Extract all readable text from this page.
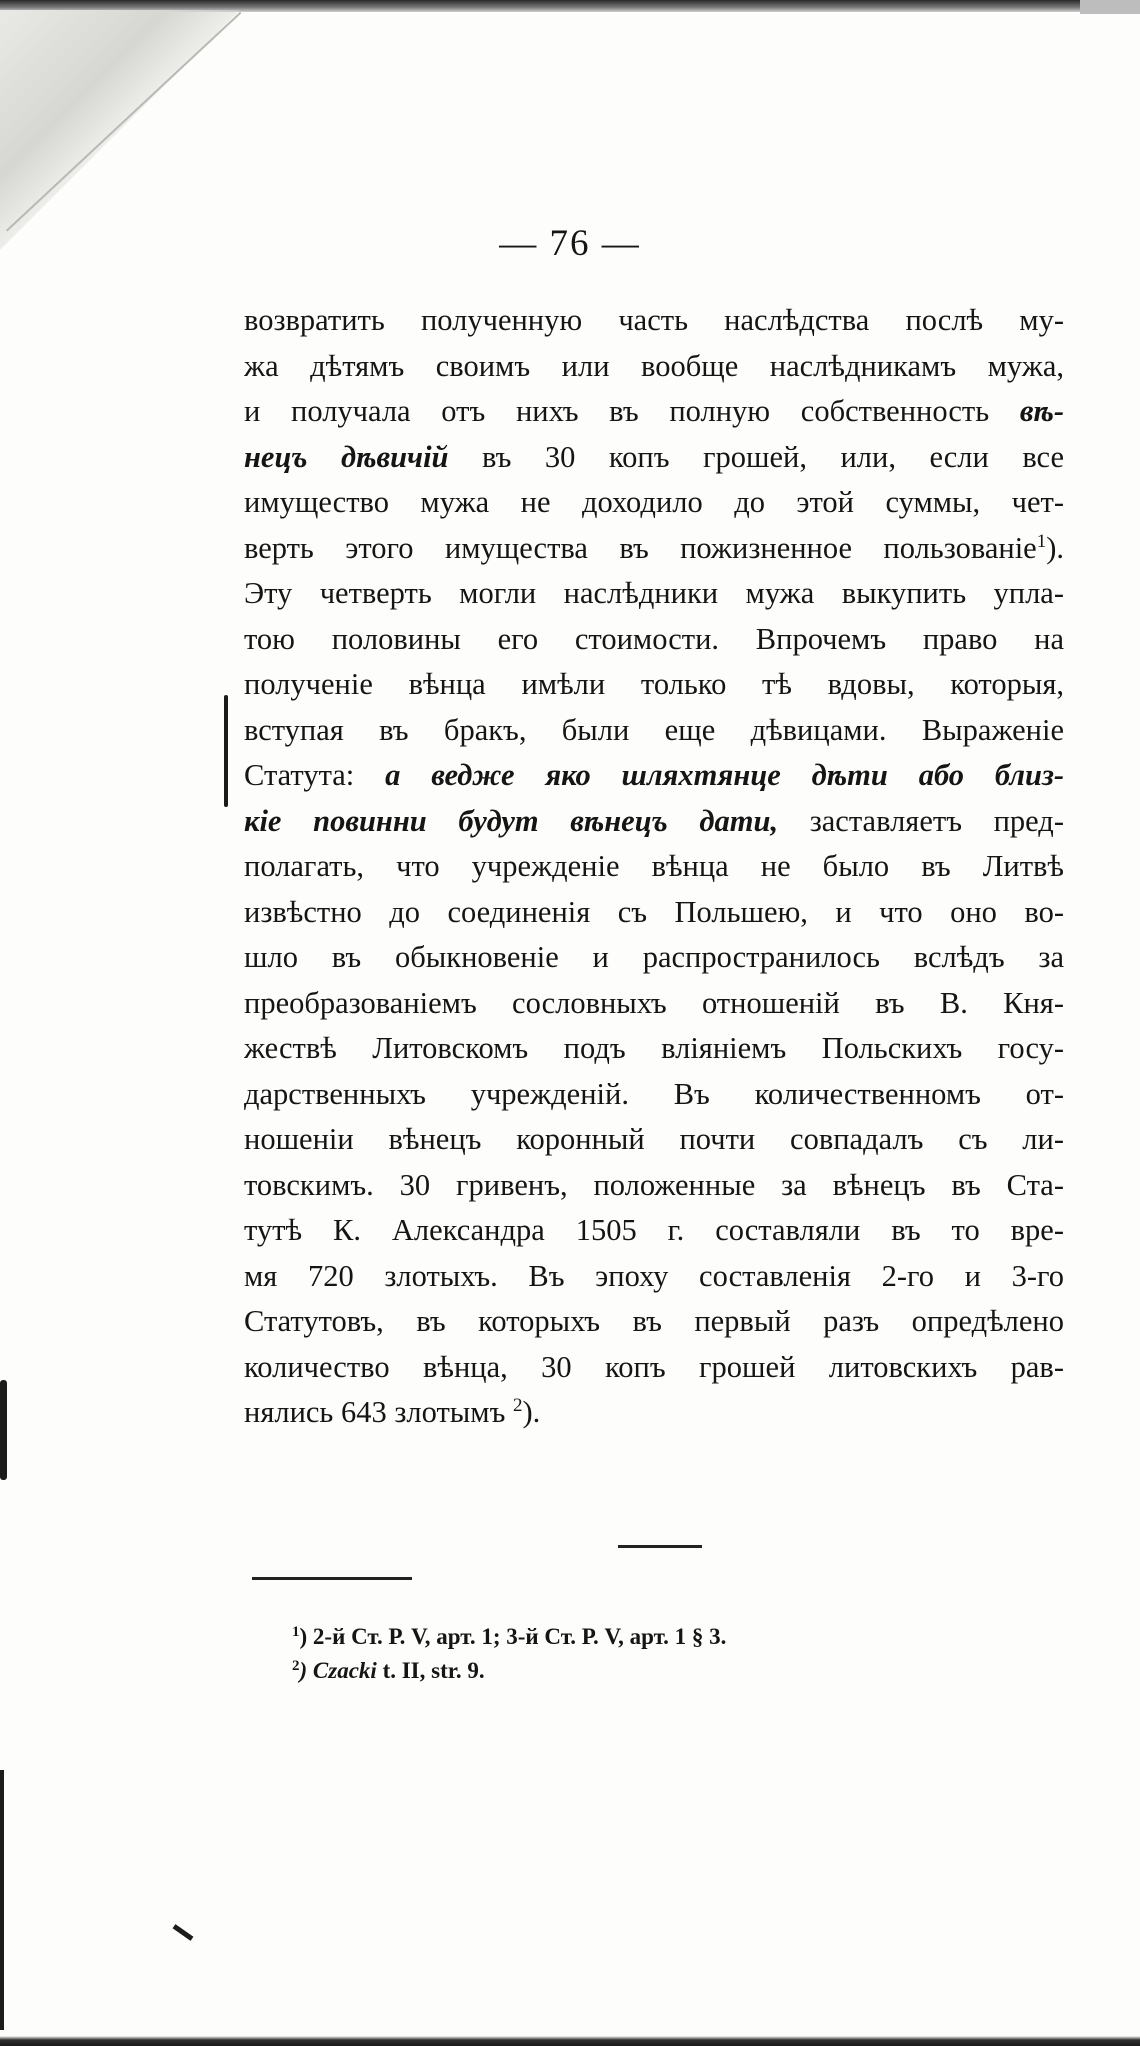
— 76 —
возвратить полученную часть наслѣдства послѣ му-
жа дѣтямъ своимъ или вообще наслѣдникамъ мужа,
и получала отъ нихъ въ полную собственность вѣ-
нецъ дѣвичій въ 30 копъ грошей, или, если все
имущество мужа не доходило до этой суммы, чет-
верть этого имущества въ пожизненное пользованіе$^1$).
Эту четверть могли наслѣдники мужа выкупить упла-
тою половины его стоимости. Впрочемъ право на
полученіе вѣнца имѣли только тѣ вдовы, которыя,
вступая въ бракъ, были еще дѣвицами. Выраженіе
Статута: а ведже яко шляхтянце дѣти або близ-
кіе повинни будут вѣнецъ дати, заставляетъ пред-
полагать, что учрежденіе вѣнца не было въ Литвѣ
извѣстно до соединенія съ Польшею, и что оно во-
шло въ обыкновеніе и распространилось вслѣдъ за
преобразованіемъ сословныхъ отношеній въ В. Кня-
жествѣ Литовскомъ подъ вліяніемъ Польскихъ госу-
дарственныхъ учрежденій. Въ количественномъ от-
ношеніи вѣнецъ коронный почти совпадалъ съ ли-
товскимъ. 30 гривенъ, положенные за вѣнецъ въ Ста-
тутѣ К. Александра 1505 г. составляли въ то вре-
мя 720 злотыхъ. Въ эпоху составленія 2-го и 3-го
Статутовъ, въ которыхъ въ первый разъ опредѣлено
количество вѣнца, 30 копъ грошей литовскихъ рав-
нялись 643 злотымъ $^2$).
$^1$) 2-й Ст. Р. V, арт. 1; 3-й Ст. Р. V, арт. 1 § 3.
$^2$) Czacki t. II, str. 9.
